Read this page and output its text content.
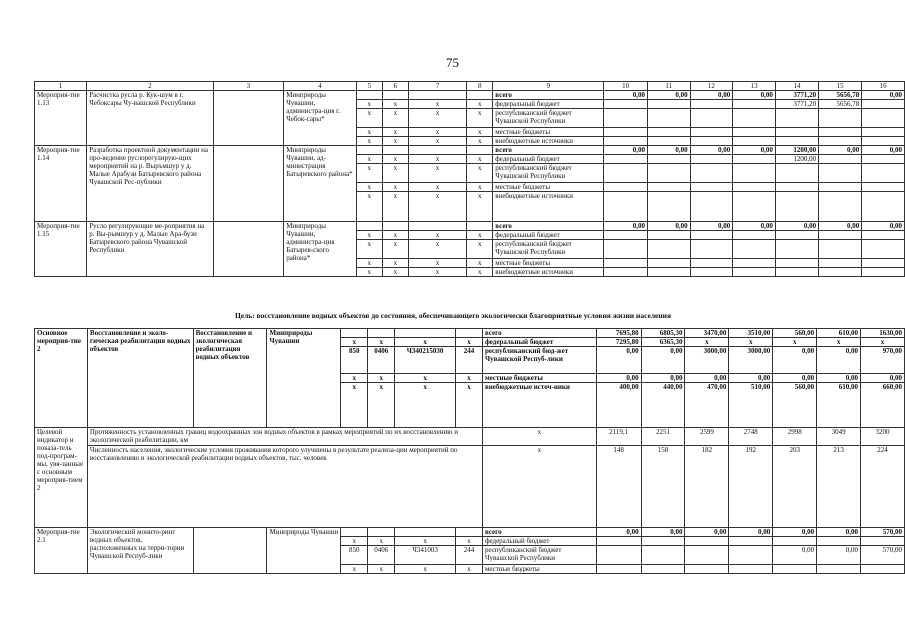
75
1	2	3	4	5	6	7	8	9	10	11	12	13	14	15	16
Мероприя-тие 1.13	Расчистка русла р. Кук-шум в г. Чебоксары Чу-вашской Республики		Минприроды Чувашии, администра-ция г. Чебок-сары*					всего	0,00	0,00	0,00	0,00	3771,20	5656,78	0,00
				x	x	x	x	федеральный бюджет					3771,20	5656,78	
				x	x	x	x	республиканский бюджет Чувашской Республики							
				x	x	x	x	местные бюджеты							
				x	x	x	x	внебюджетные источники							
Мероприя-тие 1.14	Разработка проектной документации на про-ведение руслорегулирую-щих мероприятий на р. Выръмшур у д. Малые Арабузи Батыревского района Чувашской Рес-публики		Минприроды Чувашии, ад-министрация Батыревского района*					всего	0,00	0,00	0,00	0,00	1200,00	0,00	0,00
				x	x	x	x	федеральный бюджет					1200,00		
				x	x	x	x	республиканский бюджет Чувашской Республики							
				x	x	x	x	местные бюджеты							
				x	x	x	x	внебюджетные источники							
Мероприя-тие 1.15	Русло регулирующие ме-роприятия на р. Вы-рымшур у д. Малые Ара-бузи Батыревского района Чувашской Республики		Минприроды Чувашии, администра-ция Батырев-ского района*					всего	0,00	0,00	0,00	0,00	0,00	0,00	0,00
				x	x	x	x	федеральный бюджет							
				x	x	x	x	республиканский бюджет Чувашской Республики							
				x	x	x	x	местные бюджеты							
				x	x	x	x	внебюджетные источники							
Цель: восстановление водных объектов до состояния, обеспечивающего экологически благоприятные условия жизни населения
Основное мероприя-тие 2	Восстановление и эколо-гическая реабилитация водных объектов	Восстановление и экологическая реабилитация водных объектов	Минприроды Чувашии					всего	7695,80	6805,30	3470,00	3510,00	560,00	610,00	1630,00
				x	x	x	x	федеральный бюджет	7295,80	6365,30	x	x	x	x	x
				850	0406	Ч340215030	244	республиканский бюд-жет Чувашской Респуб-лики	0,00	0,00	3000,00	3000,00	0,00	0,00	970,00
				x	x	x	x	местные бюджеты	0,00	0,00	0,00	0,00	0,00	0,00	0,00
				x	x	x	x	внебюджетные источ-ники	400,00	440,00	470,00	510,00	560,00	610,00	660,00
Целевой индикатор и показа-тель под-програм-мы, увя-занные с основным мероприя-тием 2	Протяженность установленных границ водоохранных зон водных объектов в рамках мероприятий по их восстановлению и экологической реабилитации, км							x	2119,1	2251	2599	2748	2998	3049	3200
	Численность населения, экологические условия проживания которого улучшены в результате реализа-ции мероприятий по восстановлению и экологической реабилитации водных объектов, тыс. человек							x	148	158	182	192	203	213	224
Мероприя-тие 2.1	Экологический монито-ринг водных объектов, расположенных на терри-тории Чувашской Респуб-лики		Минприроды Чувашии					всего	0,00	0,00	0,00	0,00	0,00	0,00	570,00
				x	x	x	x	федеральный бюджет							
				850	0406	Ч341003	244	республиканский бюджет Чувашской Республики					0,00	0,00	570,00
				x	x	x	x	местные бюджеты							
